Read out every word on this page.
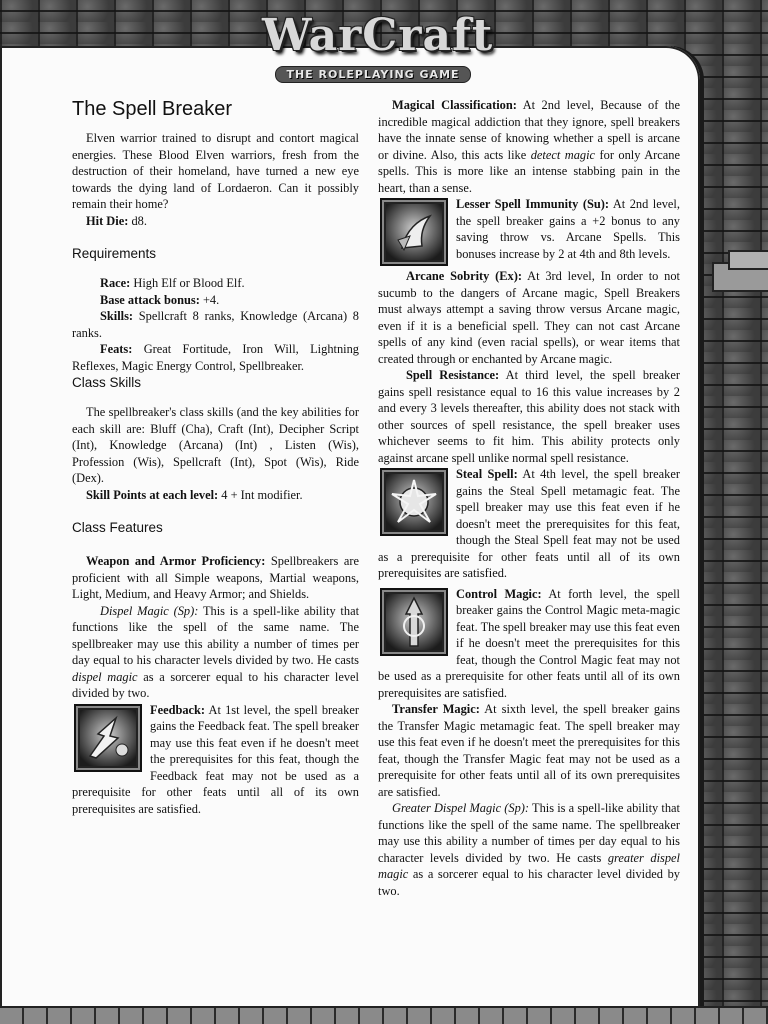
WarCraft
THE ROLEPLAYING GAME
The Spell Breaker

Elven warrior trained to disrupt and contort magical energies. These Blood Elven warriors, fresh from the destruction of their homeland, have turned a new eye towards the dying land of Lordaeron. Can it possibly remain their home?

Hit Die: d8.

Requirements

Race: High Elf or Blood Elf.

Base attack bonus: +4.

Skills: Spellcraft 8 ranks, Knowledge (Arcana) 8 ranks.

Feats: Great Fortitude, Iron Will, Lightning Reflexes, Magic Energy Control, Spellbreaker.

Class Skills

The spellbreaker's class skills (and the key abilities for each skill are: Bluff (Cha), Craft (Int), Decipher Script (Int), Knowledge (Arcana) (Int) , Listen (Wis), Profession (Wis), Spellcraft (Int), Spot (Wis), Ride (Dex).

Skill Points at each level: 4 + Int modifier.

Class Features

Weapon and Armor Proficiency: Spellbreakers are proficient with all Simple weapons, Martial weapons, Light, Medium, and Heavy Armor; and Shields.

Dispel Magic (Sp): This is a spell-like ability that functions like the spell of the same name. The spellbreaker may use this ability a number of times per day equal to his character levels divided by two. He casts dispel magic as a sorcerer equal to his character level divided by two.

Feedback: At 1st level, the spell breaker gains the Feedback feat. The spell breaker may use this feat even if he doesn't meet the prerequisites for this feat, though the Feedback feat may not be used as a prerequisite for other feats until all of its own prerequisites are satisfied.

Magical Classification: At 2nd level, Because of the incredible magical addiction that they ignore, spell breakers have the innate sense of knowing whether a spell is arcane or divine. Also, this acts like detect magic for only Arcane spells. This is more like an intense stabbing pain in the heart, than a sense.

Lesser Spell Immunity (Su): At 2nd level, the spell breaker gains a +2 bonus to any saving throw vs. Arcane Spells. This bonuses increase by 2 at 4th and 8th levels.

Arcane Sobrity (Ex): At 3rd level, In order to not sucumb to the dangers of Arcane magic, Spell Breakers must always attempt a saving throw versus Arcane magic, even if it is a beneficial spell. They can not cast Arcane spells of any kind (even racial spells), or wear items that created through or enchanted by Arcane magic.

Spell Resistance: At third level, the spell breaker gains spell resistance equal to 16 this value increases by 2 and every 3 levels thereafter, this ability does not stack with other sources of spell resistance, the spell breaker uses whichever seems to fit him. This ability protects only against arcane spell unlike normal spell resistance.

Steal Spell: At 4th level, the spell breaker gains the Steal Spell metamagic feat. The spell breaker may use this feat even if he doesn't meet the prerequisites for this feat, though the Steal Spell feat may not be used as a prerequisite for other feats until all of its own prerequisites are satisfied.

Control Magic: At forth level, the spell breaker gains the Control Magic meta-magic feat. The spell breaker may use this feat even if he doesn't meet the prerequisites for this feat, though the Control Magic feat may not be used as a prerequisite for other feats until all of its own prerequisites are satisfied.

Transfer Magic: At sixth level, the spell breaker gains the Transfer Magic metamagic feat. The spell breaker may use this feat even if he doesn't meet the prerequisites for this feat, though the Transfer Magic feat may not be used as a prerequisite for other feats until all of its own prerequisites are satisfied.

Greater Dispel Magic (Sp): This is a spell-like ability that functions like the spell of the same name. The spellbreaker may use this ability a number of times per day equal to his character levels divided by two. He casts greater dispel magic as a sorcerer equal to his character level divided by two.
